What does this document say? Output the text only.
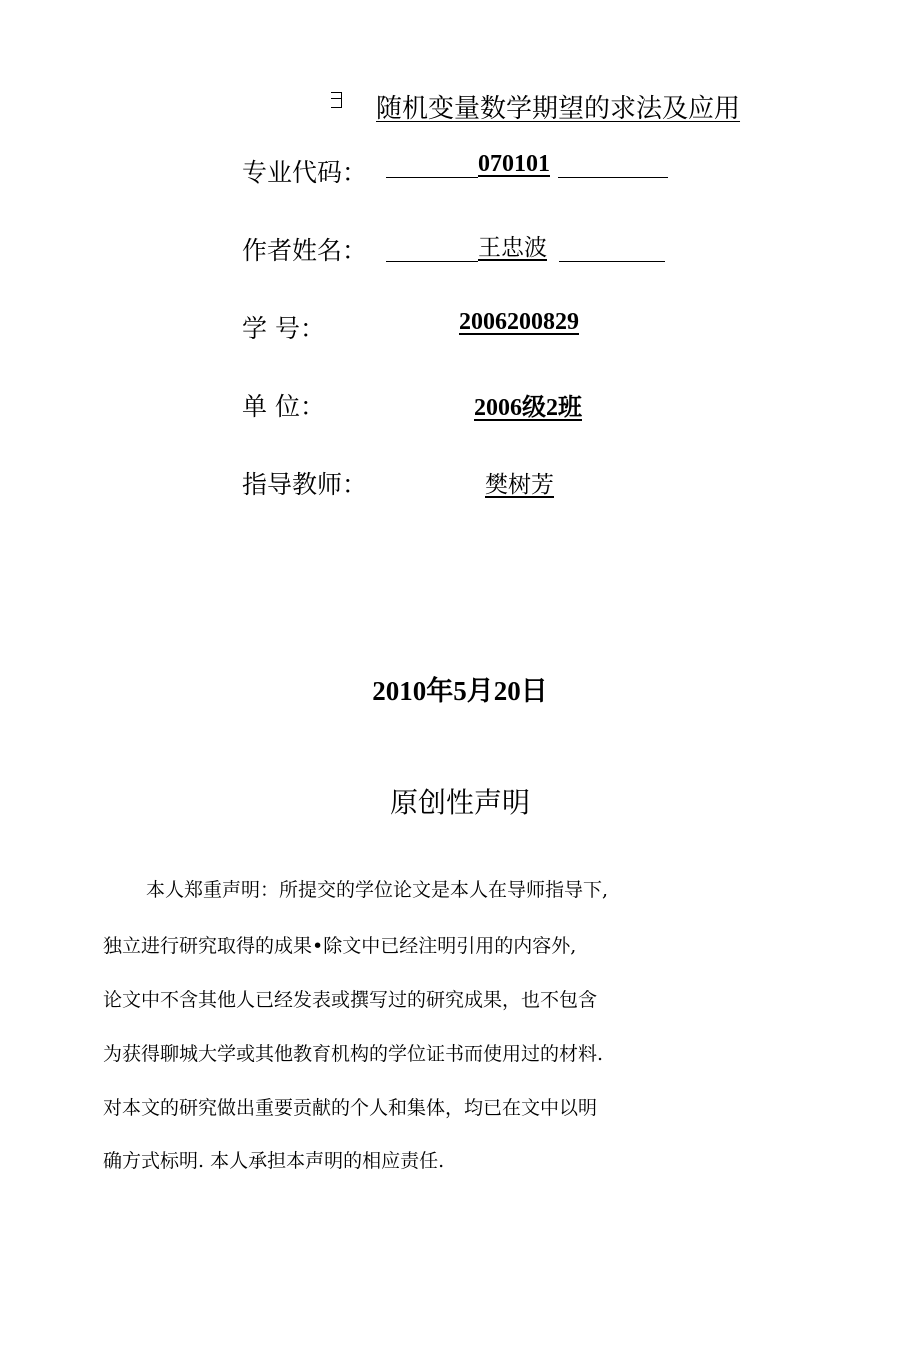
随机变量数学期望的求法及应用
专业代码：	070101
作者姓名：	王忠波
学 号：	2006200829
单 位：	2006级2班
指导教师：	樊树芳
2010年5月20日
原创性声明
本人郑重声明：所提交的学位论文是本人在导师指导下,
独立进行研究取得的成果•除文中已经注明引用的内容外,
论文中不含其他人已经发表或撰写过的研究成果，也不包含
为获得聊城大学或其他教育机构的学位证书而使用过的材料.
对本文的研究做出重要贡献的个人和集体，均已在文中以明
确方式标明. 本人承担本声明的相应责任.
